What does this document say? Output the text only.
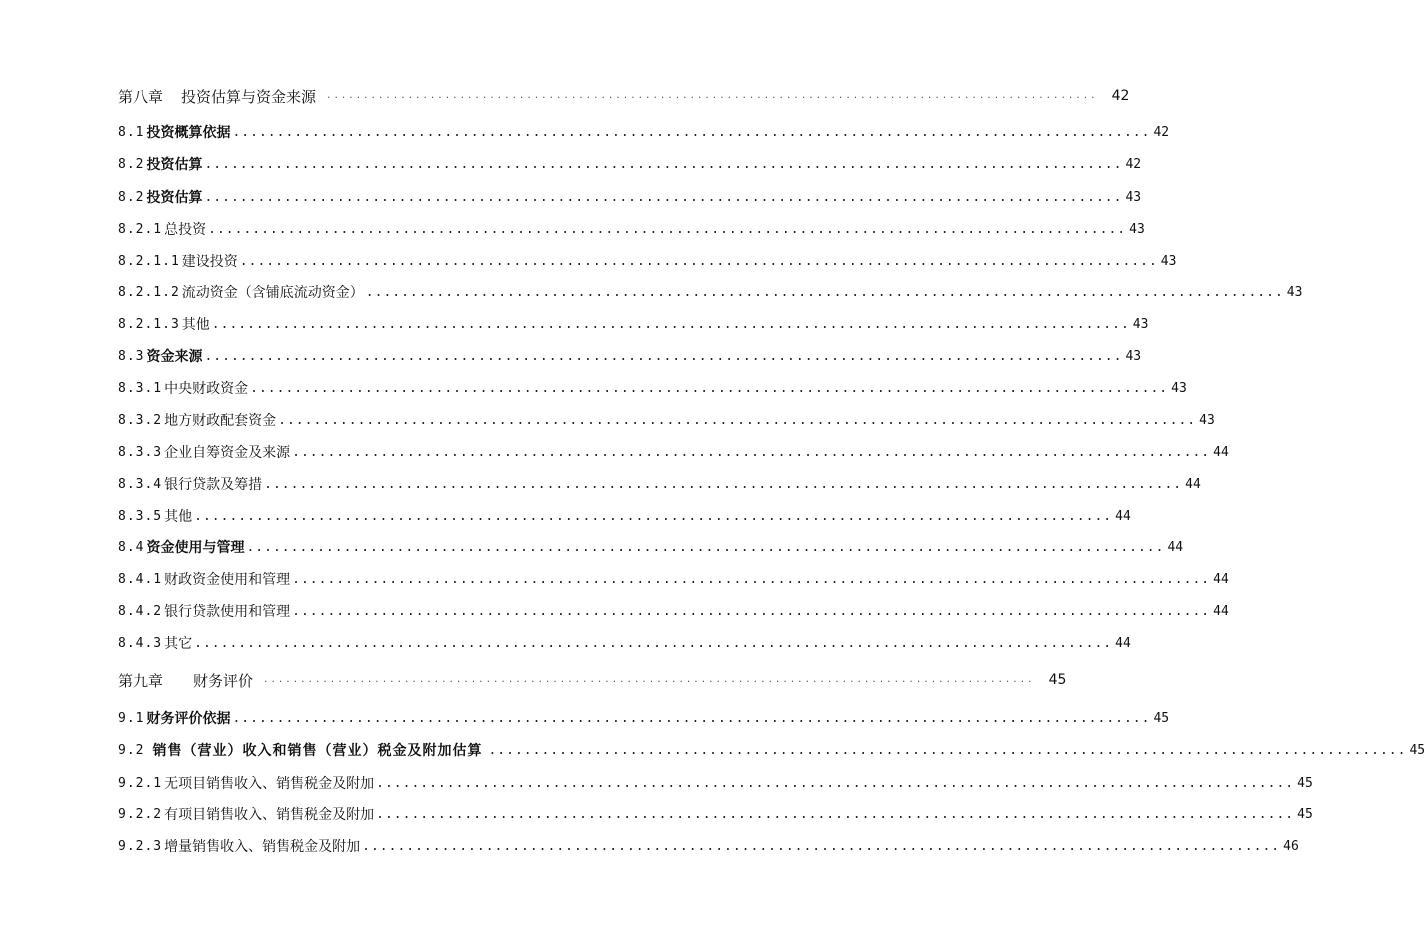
第八章 投资估算与资金来源 ........................................................................................................ 42
8.1 投资概算依据 ........................................................................................................ 42
8.2 投资估算 ........................................................................................................ 42
8.2 投资估算 ........................................................................................................ 43
8.2.1 总投资 ........................................................................................................ 43
8.2.1.1 建设投资 ........................................................................................................ 43
8.2.1.2 流动资金（含铺底流动资金） ........................................................................................................ 43
8.2.1.3 其他 ........................................................................................................ 43
8.3 资金来源 ........................................................................................................ 43
8.3.1 中央财政资金 ........................................................................................................ 43
8.3.2 地方财政配套资金 ........................................................................................................ 43
8.3.3 企业自筹资金及来源 ........................................................................................................ 44
8.3.4 银行贷款及筹措 ........................................................................................................ 44
8.3.5 其他 ........................................................................................................ 44
8.4 资金使用与管理 ........................................................................................................ 44
8.4.1 财政资金使用和管理 ........................................................................................................ 44
8.4.2 银行贷款使用和管理 ........................................................................................................ 44
8.4.3 其它 ........................................................................................................ 44
第九章 财务评价 ........................................................................................................ 45
9.1 财务评价依据 ........................................................................................................ 45
9.2 销售（营业）收入和销售（营业）税金及附加估算 ........................................................................................................ 45
9.2.1 无项目销售收入、销售税金及附加 ........................................................................................................ 45
9.2.2 有项目销售收入、销售税金及附加 ........................................................................................................ 45
9.2.3 增量销售收入、销售税金及附加 ........................................................................................................ 46
